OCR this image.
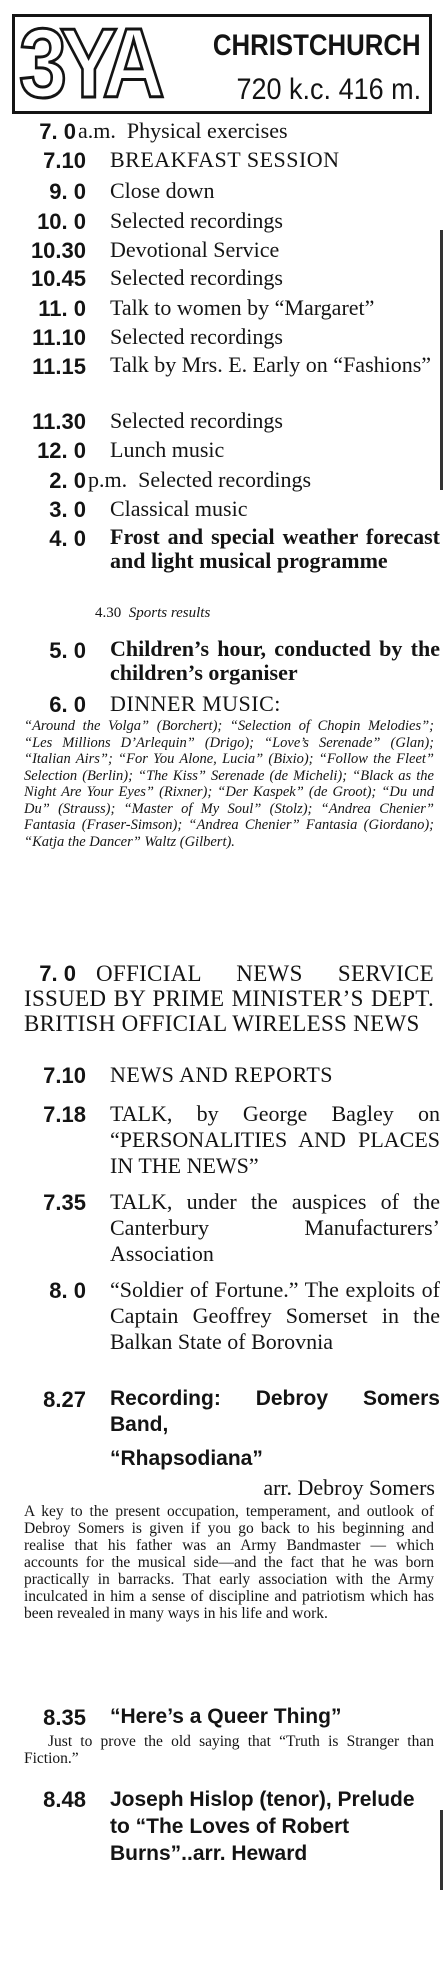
3YA CHRISTCHURCH
720 k.c. 416 m.
7. 0 a.m. Physical exercises
7.10 BREAKFAST SESSION
9. 0 Close down
10. 0 Selected recordings
10.30 Devotional Service
10.45 Selected recordings
11. 0 Talk to women by “Margaret”
11.10 Selected recordings
11.15 Talk by Mrs. E. Early on “Fashions”
11.30 Selected recordings
12. 0 Lunch music
2. 0 p.m. Selected recordings
3. 0 Classical music
4. 0 Frost and special weather forecast and light musical programme
4.30 Sports results
5. 0 Children’s hour, conducted by the children’s organiser
6. 0 DINNER MUSIC:
“Around the Volga” (Borchert); “Selection of Chopin Melodies”; “Les Millions D’Arlequin” (Drigo); “Love’s Serenade” (Glan); “Italian Airs”; “For You Alone, Lucia” (Bixio); “Follow the Fleet” Selection (Berlin); “The Kiss” Serenade (de Micheli); “Black as the Night Are Your Eyes” (Rixner); “Der Kaspek” (de Groot); “Du und Du” (Strauss); “Master of My Soul” (Stolz); “Andrea Chenier” Fantasia (Fraser-Simson); “Andrea Chenier” Fantasia (Giordano); “Katja the Dancer” Waltz (Gilbert).
7. 0 OFFICIAL NEWS SERVICE ISSUED BY PRIME MINISTER’S DEPT. BRITISH OFFICIAL WIRELESS NEWS
7.10 NEWS AND REPORTS
7.18 TALK, by George Bagley on “PERSONALITIES AND PLACES IN THE NEWS”
7.35 TALK, under the auspices of the Canterbury Manufacturers’ Association
8. 0 “Soldier of Fortune.” The exploits of Captain Geoffrey Somerset in the Balkan State of Borovnia
8.27 Recording: Debroy Somers Band,
“Rhapsodiana”
arr. Debroy Somers
A key to the present occupation, temperament, and outlook of Debroy Somers is given if you go back to his beginning and realise that his father was an Army Bandmaster — which accounts for the musical side—and the fact that he was born practically in barracks. That early association with the Army inculcated in him a sense of discipline and patriotism which has been revealed in many ways in his life and work.
8.35 “Here’s a Queer Thing”
Just to prove the old saying that “Truth is Stranger than Fiction.”
8.48 Joseph Hislop (tenor), Prelude to “The Loves of Robert Burns”..arr. Heward
